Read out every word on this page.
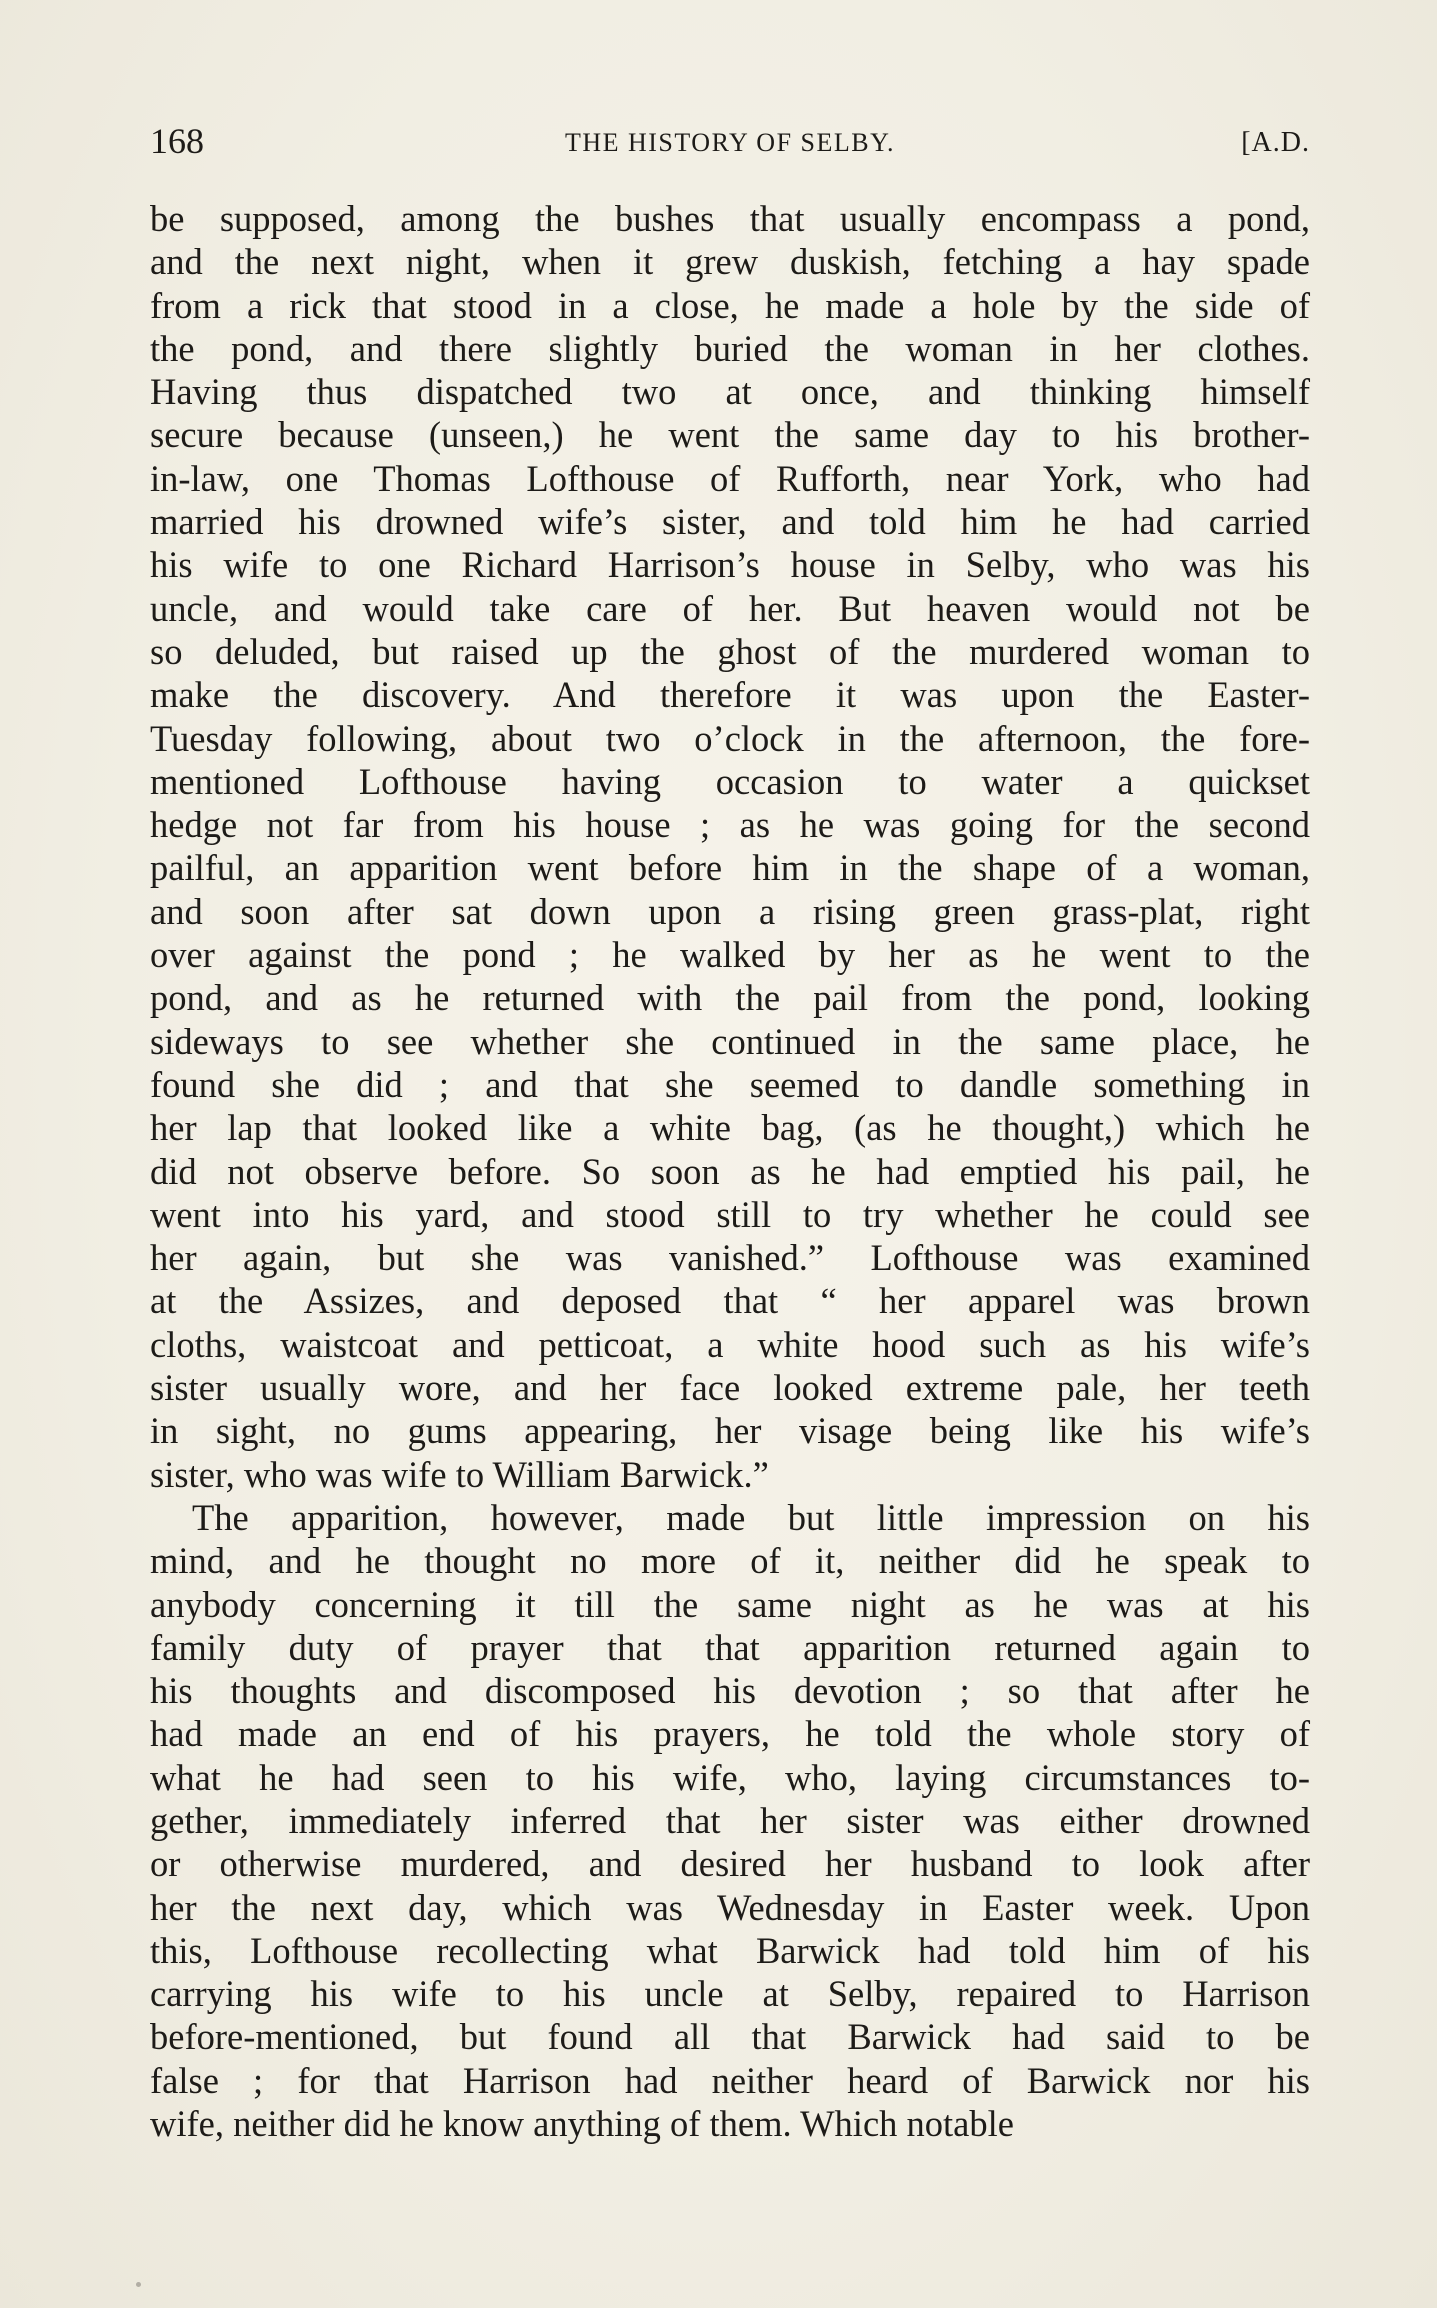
168	THE HISTORY OF SELBY.	[A.D.
be supposed, among the bushes that usually encompass a pond,
and the next night, when it grew duskish, fetching a hay spade
from a rick that stood in a close, he made a hole by the side of
the pond, and there slightly buried the woman in her clothes.
Having thus dispatched two at once, and thinking himself
secure because (unseen,) he went the same day to his brother-
in-law, one Thomas Lofthouse of Rufforth, near York, who had
married his drowned wife’s sister, and told him he had carried
his wife to one Richard Harrison’s house in Selby, who was his
uncle, and would take care of her. But heaven would not be
so deluded, but raised up the ghost of the murdered woman to
make the discovery. And therefore it was upon the Easter-
Tuesday following, about two o’clock in the afternoon, the fore-
mentioned Lofthouse having occasion to water a quickset
hedge not far from his house ; as he was going for the second
pailful, an apparition went before him in the shape of a woman,
and soon after sat down upon a rising green grass-plat, right
over against the pond ; he walked by her as he went to the
pond, and as he returned with the pail from the pond, looking
sideways to see whether she continued in the same place, he
found she did ; and that she seemed to dandle something in
her lap that looked like a white bag, (as he thought,) which he
did not observe before. So soon as he had emptied his pail, he
went into his yard, and stood still to try whether he could see
her again, but she was vanished.” Lofthouse was examined
at the Assizes, and deposed that “ her apparel was brown
cloths, waistcoat and petticoat, a white hood such as his wife’s
sister usually wore, and her face looked extreme pale, her teeth
in sight, no gums appearing, her visage being like his wife’s
sister, who was wife to William Barwick.”
The apparition, however, made but little impression on his
mind, and he thought no more of it, neither did he speak to
anybody concerning it till the same night as he was at his
family duty of prayer that that apparition returned again to
his thoughts and discomposed his devotion ; so that after he
had made an end of his prayers, he told the whole story of
what he had seen to his wife, who, laying circumstances to-
gether, immediately inferred that her sister was either drowned
or otherwise murdered, and desired her husband to look after
her the next day, which was Wednesday in Easter week. Upon
this, Lofthouse recollecting what Barwick had told him of his
carrying his wife to his uncle at Selby, repaired to Harrison
before-mentioned, but found all that Barwick had said to be
false ; for that Harrison had neither heard of Barwick nor his
wife, neither did he know anything of them. Which notable
